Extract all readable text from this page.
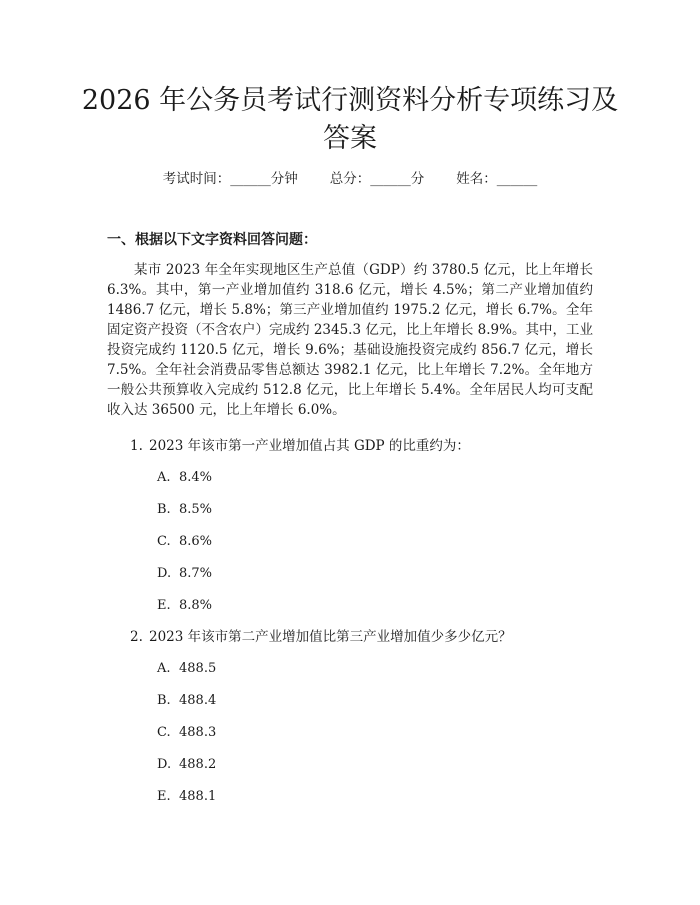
2026 年公务员考试行测资料分析专项练习及答案
考试时间：______分钟 总分：______分 姓名：______
一、根据以下文字资料回答问题：

某市 2023 年全年实现地区生产总值（GDP）约 3780.5 亿元，比上年增长 6.3%。其中，第一产业增加值约 318.6 亿元，增长 4.5%；第二产业增加值约 1486.7 亿元，增长 5.8%；第三产业增加值约 1975.2 亿元，增长 6.7%。全年固定资产投资（不含农户）完成约 2345.3 亿元，比上年增长 8.9%。其中，工业投资完成约 1120.5 亿元，增长 9.6%；基础设施投资完成约 856.7 亿元，增长 7.5%。全年社会消费品零售总额达 3982.1 亿元，比上年增长 7.2%。全年地方一般公共预算收入完成约 512.8 亿元，比上年增长 5.4%。全年居民人均可支配收入达 36500 元，比上年增长 6.0%。

1. 2023 年该市第一产业增加值占其 GDP 的比重约为：

A. 8.4%

B. 8.5%

C. 8.6%

D. 8.7%

E. 8.8%

2. 2023 年该市第二产业增加值比第三产业增加值少多少亿元？

A. 488.5

B. 488.4

C. 488.3

D. 488.2

E. 488.1
